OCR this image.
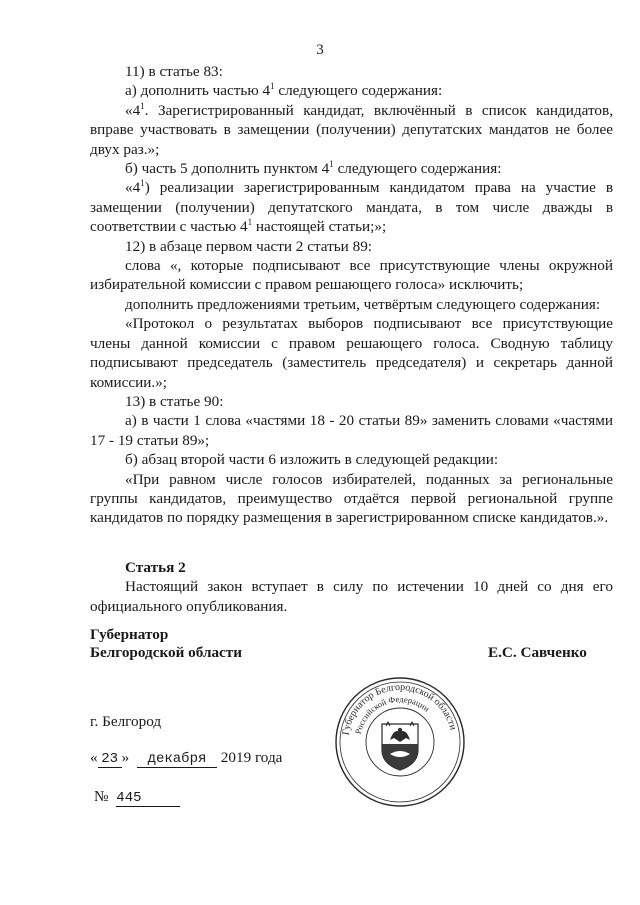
3

11) в статье 83:

а) дополнить частью $4^1$ следующего содержания:

«$4^1$. Зарегистрированный кандидат, включённый в список кандидатов, вправе участвовать в замещении (получении) депутатских мандатов не более двух раз.»;

б) часть 5 дополнить пунктом $4^1$ следующего содержания:

«$4^1$) реализации зарегистрированным кандидатом права на участие в замещении (получении) депутатского мандата, в том числе дважды в соответствии с частью $4^1$ настоящей статьи;»;

12) в абзаце первом части 2 статьи 89:

слова «, которые подписывают все присутствующие члены окружной избирательной комиссии с правом решающего голоса» исключить;

дополнить предложениями третьим, четвёртым следующего содержания:

«Протокол о результатах выборов подписывают все присутствующие члены данной комиссии с правом решающего голоса. Сводную таблицу подписывают председатель (заместитель председателя) и секретарь данной комиссии.»;

13) в статье 90:

а) в части 1 слова «частями 18 - 20 статьи 89» заменить словами «частями 17 - 19 статьи 89»;

б) абзац второй части 6 изложить в следующей редакции:

«При равном числе голосов избирателей, поданных за региональные группы кандидатов, преимущество отдаётся первой региональной группе кандидатов по порядку размещения в зарегистрированном списке кандидатов.».

Статья 2

Настоящий закон вступает в силу по истечении 10 дней со дня его официального опубликования.

Губернатор
Белгородской области	Е.С. Савченко
г. Белгород
« 23 » декабря 2019 года
№ 445
Губернатор Белгородской области
Российской Федерации
